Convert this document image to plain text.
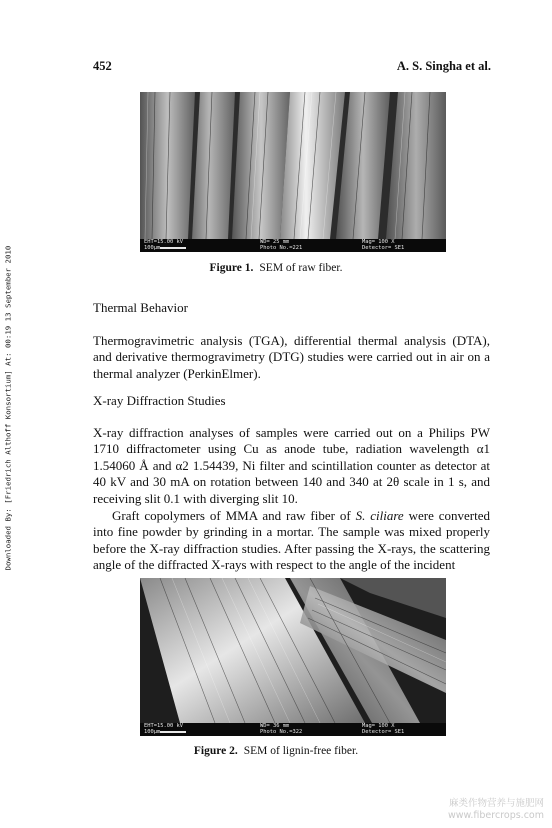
452	A. S. Singha et al.
Downloaded By: [Friedrich Althoff Konsortium] At: 00:19 13 September 2010
EHT=15.00 kV
100µm
WD= 25 mm
Photo No.=221
Mag= 100 X
Detector= SE1
Figure 1. SEM of raw fiber.
Thermal Behavior
Thermogravimetric analysis (TGA), differential thermal analysis (DTA), and derivative thermogravimetry (DTG) studies were carried out in air on a thermal analyzer (PerkinElmer).
X-ray Diffraction Studies
X-ray diffraction analyses of samples were carried out on a Philips PW 1710 diffractometer using Cu as anode tube, radiation wavelength α1 1.54060 Å and α2 1.54439, Ni filter and scintillation counter as detector at 40 kV and 30 mA on rotation between 140 and 340 at 2θ scale in 1 s, and receiving slit 0.1 with diverging slit 10.
Graft copolymers of MMA and raw fiber of S. ciliare were converted into fine powder by grinding in a mortar. The sample was mixed properly before the X-ray diffraction studies. After passing the X-rays, the scattering angle of the diffracted X-rays with respect to the angle of the incident
EHT=15.00 kV
100µm
WD= 36 mm
Photo No.=322
Mag= 100 X
Detector= SE1
Figure 2. SEM of lignin-free fiber.
麻类作物营养与施肥网
www.fibercrops.com
